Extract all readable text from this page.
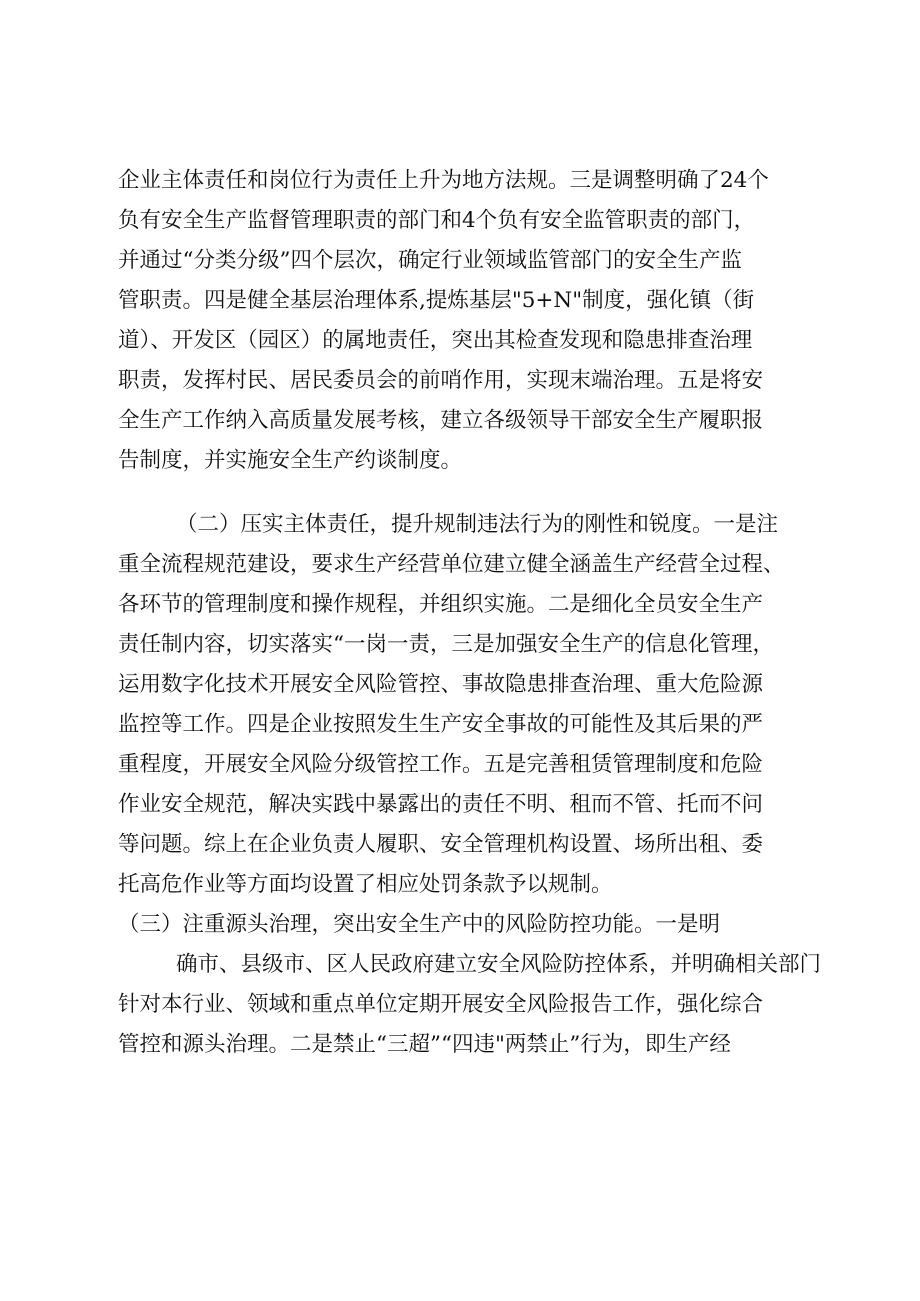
企业主体责任和岗位行为责任上升为地方法规。三是调整明确了24个
负有安全生产监督管理职责的部门和4个负有安全监管职责的部门，
并通过“分类分级”四个层次，确定行业领域监管部门的安全生产监
管职责。四是健全基层治理体系,提炼基层"5+N"制度，强化镇（街
道）、开发区（园区）的属地责任，突出其检查发现和隐患排查治理
职责，发挥村民、居民委员会的前哨作用，实现末端治理。五是将安
全生产工作纳入高质量发展考核，建立各级领导干部安全生产履职报
告制度，并实施安全生产约谈制度。
（二）压实主体责任，提升规制违法行为的刚性和锐度。一是注
重全流程规范建设，要求生产经营单位建立健全涵盖生产经营全过程、
各环节的管理制度和操作规程，并组织实施。二是细化全员安全生产
责任制内容，切实落实“一岗一责，三是加强安全生产的信息化管理，
运用数字化技术开展安全风险管控、事故隐患排查治理、重大危险源
监控等工作。四是企业按照发生生产安全事故的可能性及其后果的严
重程度，开展安全风险分级管控工作。五是完善租赁管理制度和危险
作业安全规范，解决实践中暴露出的责任不明、租而不管、托而不问
等问题。综上在企业负责人履职、安全管理机构设置、场所出租、委
托高危作业等方面均设置了相应处罚条款予以规制。
（三）注重源头治理，突出安全生产中的风险防控功能。一是明
确市、县级市、区人民政府建立安全风险防控体系，并明确相关部门
针对本行业、领域和重点单位定期开展安全风险报告工作，强化综合
管控和源头治理。二是禁止“三超”“四违"两禁止”行为，即生产经
